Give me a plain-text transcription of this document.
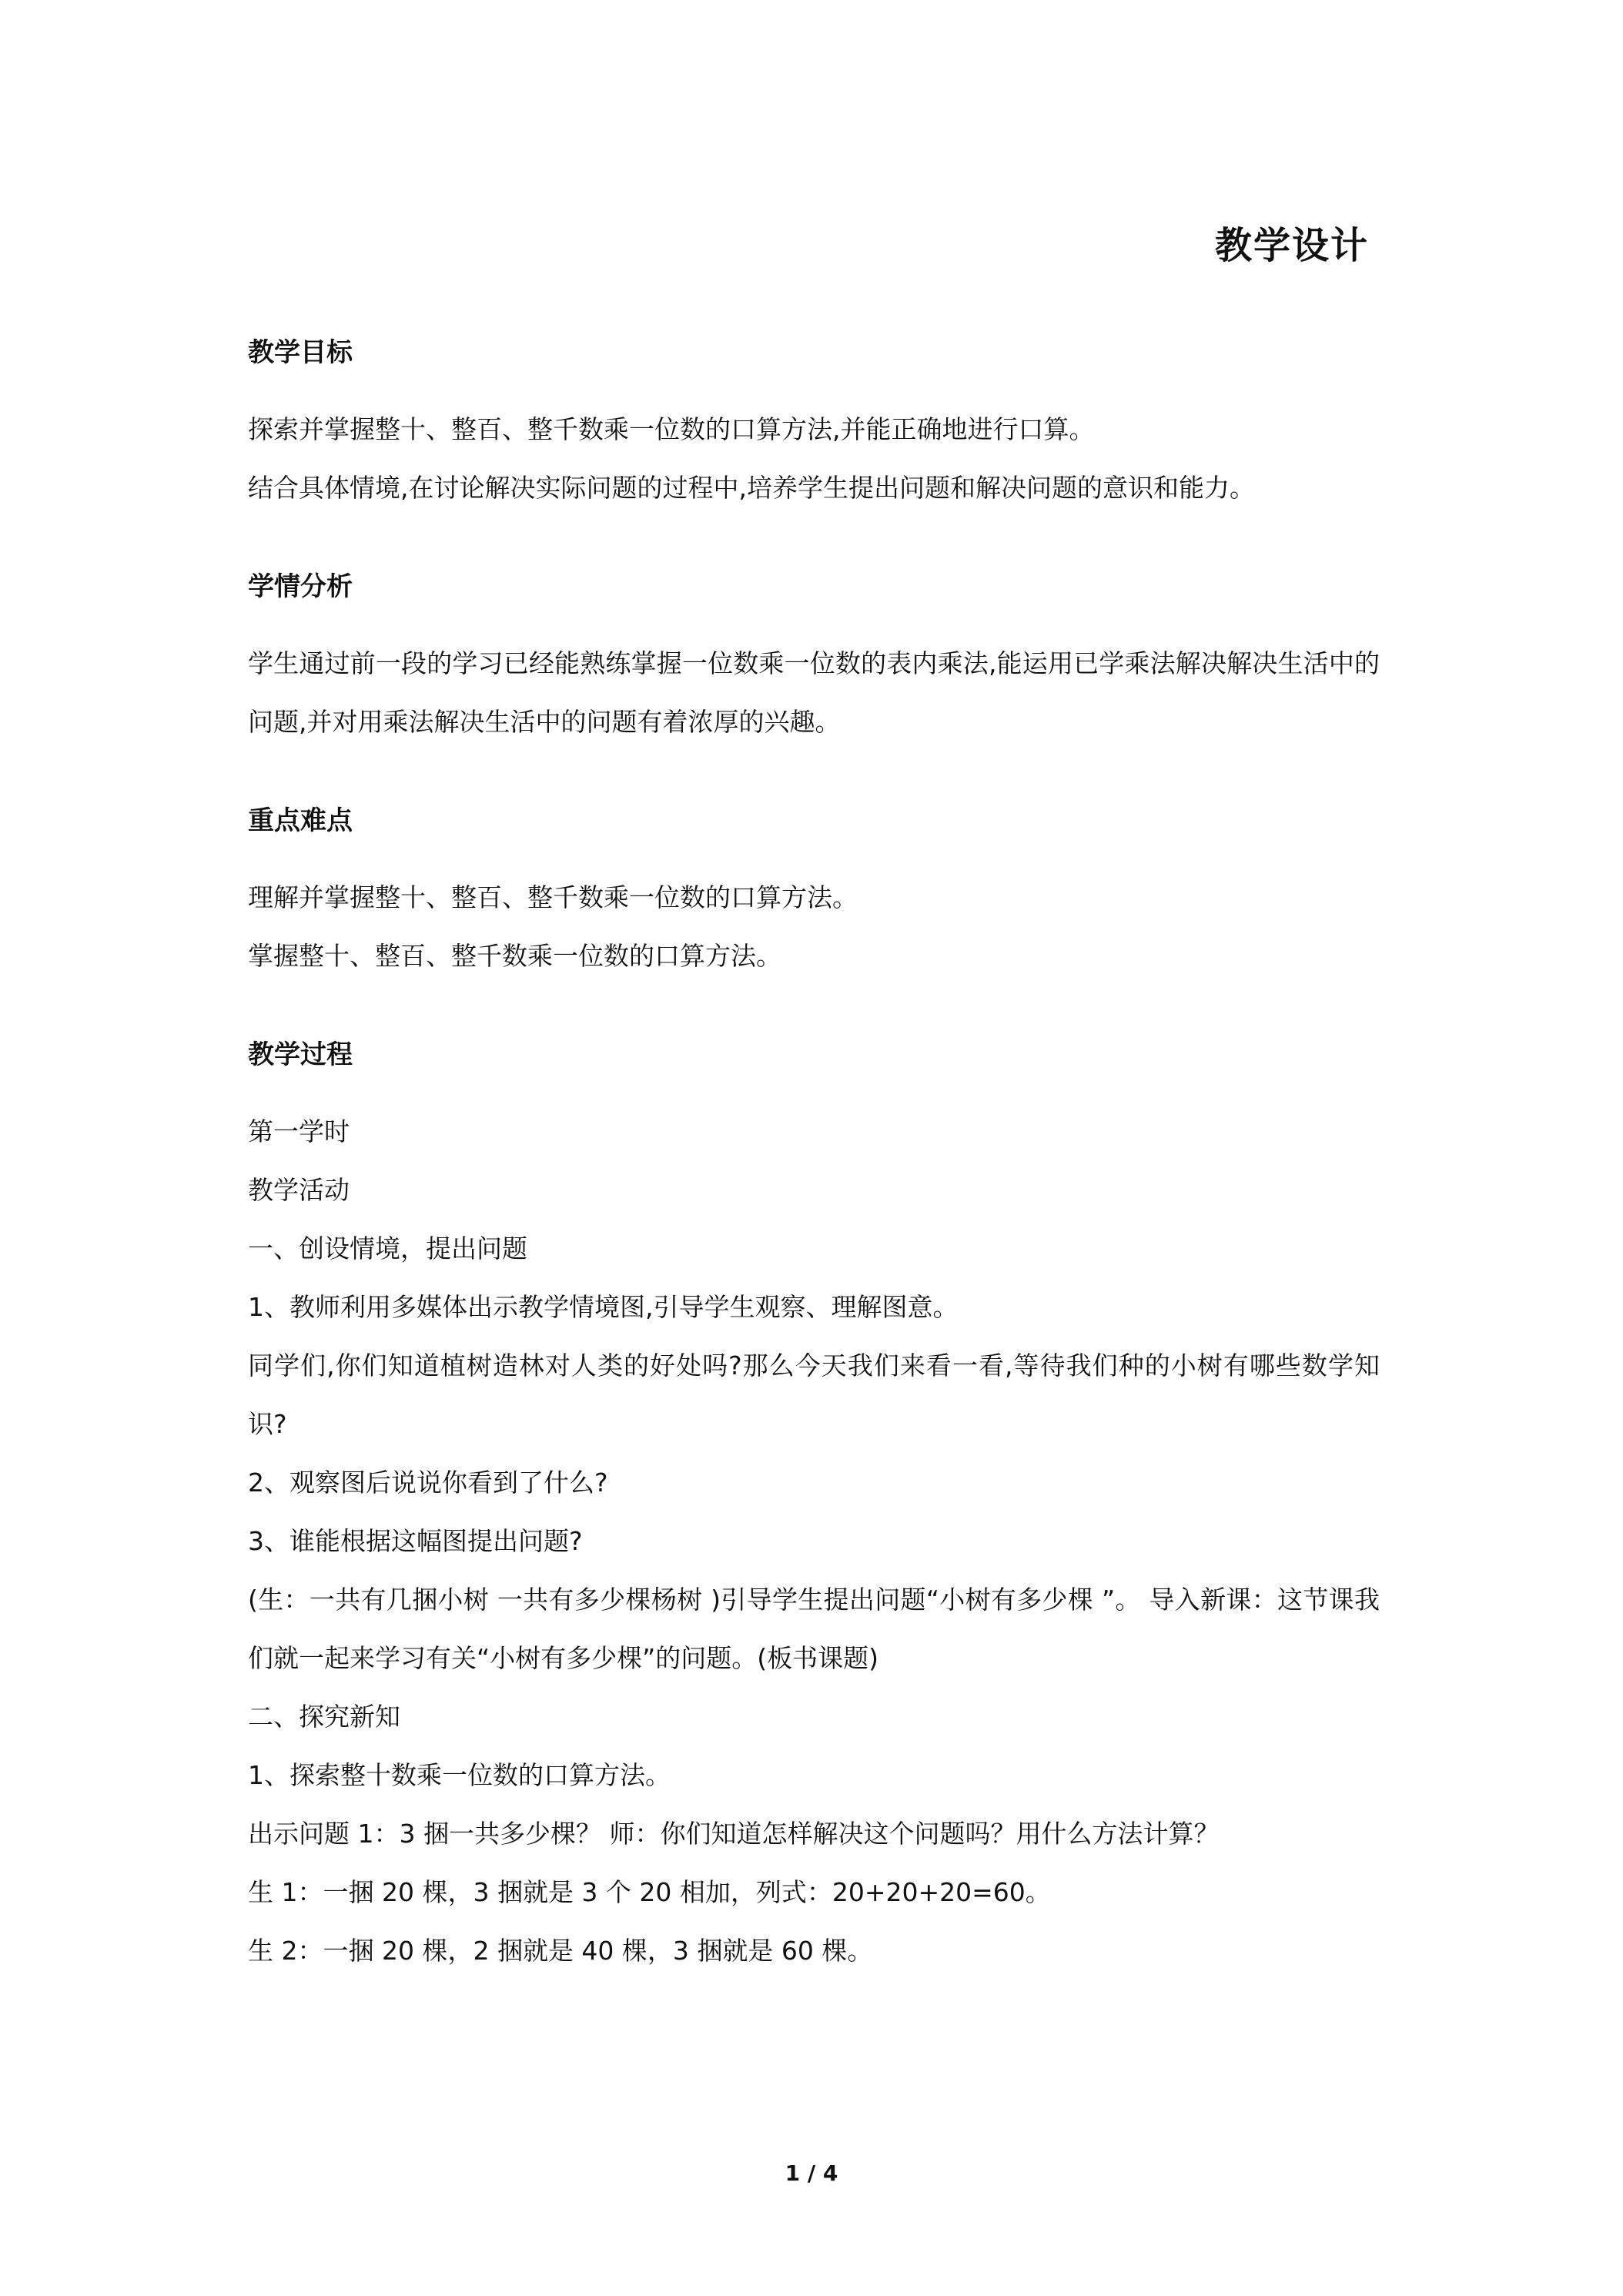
教学设计
教学目标

探索并掌握整十、整百、整千数乘一位数的口算方法,并能正确地进行口算。

结合具体情境,在讨论解决实际问题的过程中,培养学生提出问题和解决问题的意识和能力。

学情分析

学生通过前一段的学习已经能熟练掌握一位数乘一位数的表内乘法,能运用已学乘法解决解决生活中的问题,并对用乘法解决生活中的问题有着浓厚的兴趣。

重点难点

理解并掌握整十、整百、整千数乘一位数的口算方法。

掌握整十、整百、整千数乘一位数的口算方法。

教学过程

第一学时

教学活动

一、创设情境，提出问题

1、教师利用多媒体出示教学情境图,引导学生观察、理解图意。

同学们,你们知道植树造林对人类的好处吗?那么今天我们来看一看,等待我们种的小树有哪些数学知识?

2、观察图后说说你看到了什么?

3、谁能根据这幅图提出问题?

(生：一共有几捆小树 一共有多少棵杨树 )引导学生提出问题“小树有多少棵 ”。 导入新课：这节课我们就一起来学习有关“小树有多少棵”的问题。(板书课题)

二、探究新知

1、探索整十数乘一位数的口算方法。

出示问题 1：3 捆一共多少棵？ 师：你们知道怎样解决这个问题吗？用什么方法计算？

生 1：一捆 20 棵，3 捆就是 3 个 20 相加，列式：20+20+20=60。

生 2：一捆 20 棵，2 捆就是 40 棵，3 捆就是 60 棵。

1 / 4
